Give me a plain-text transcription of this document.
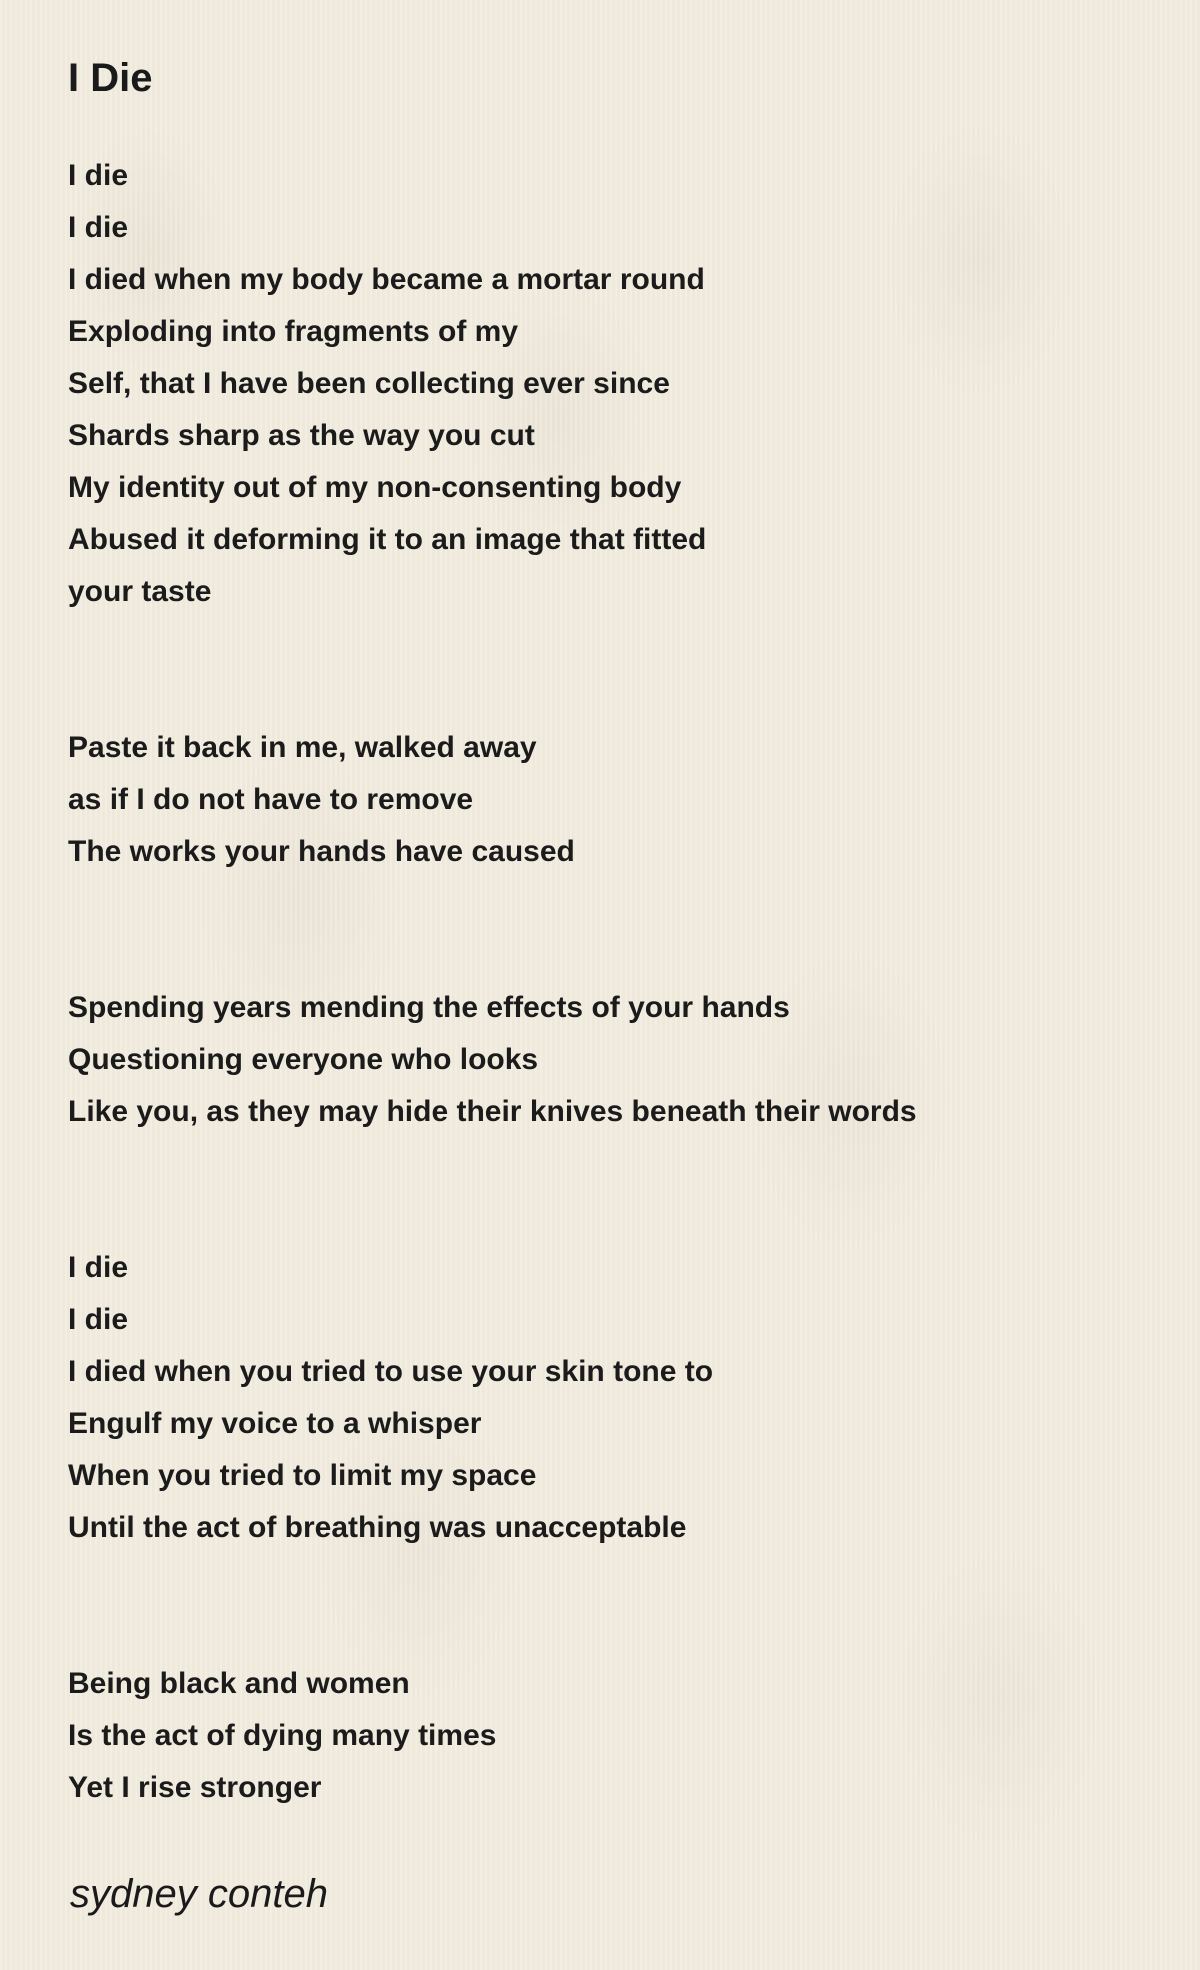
I Die
I die
I die
I died when my body became a mortar round
Exploding into fragments of my
Self, that I have been collecting ever since
Shards sharp as the way you cut
My identity out of my non-consenting body
Abused it deforming it to an image that fitted
your taste
Paste it back in me, walked away
as if I do not have to remove
The works your hands have caused
Spending years mending the effects of your hands
Questioning everyone who looks
Like you, as they may hide their knives beneath their words
I die
I die
I died when you tried to use your skin tone to
Engulf my voice to a whisper
When you tried to limit my space
Until the act of breathing was unacceptable
Being black and women
Is the act of dying many times
Yet I rise stronger
sydney conteh
